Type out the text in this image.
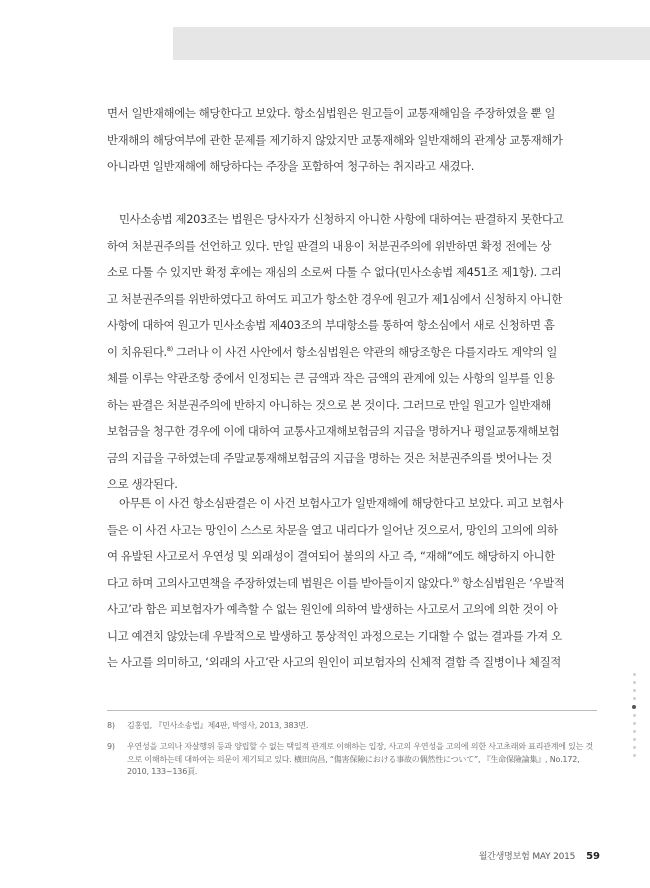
면서 일반재해에는 해당한다고 보았다. 항소심법원은 원고들이 교통재해임을 주장하였을 뿐 일
반재해의 해당여부에 관한 문제를 제기하지 않았지만 교통재해와 일반재해의 관계상 교통재해가
아니라면 일반재해에 해당하다는 주장을 포함하여 청구하는 취지라고 새겼다.
민사소송법 제203조는 법원은 당사자가 신청하지 아니한 사항에 대하여는 판결하지 못한다고
하여 처분권주의를 선언하고 있다. 만일 판결의 내용이 처분권주의에 위반하면 확정 전에는 상
소로 다툴 수 있지만 확정 후에는 재심의 소로써 다툴 수 없다(민사소송법 제451조 제1항). 그리
고 처분권주의를 위반하였다고 하여도 피고가 항소한 경우에 원고가 제1심에서 신청하지 아니한
사항에 대하여 원고가 민사소송법 제403조의 부대항소를 통하여 항소심에서 새로 신청하면 흠
이 치유된다.$^{8)}$ 그러나 이 사건 사안에서 항소심법원은 약관의 해당조항은 다를지라도 계약의 일
체를 이루는 약관조항 중에서 인정되는 큰 금액과 작은 금액의 관계에 있는 사항의 일부를 인용
하는 판결은 처분권주의에 반하지 아니하는 것으로 본 것이다. 그러므로 만일 원고가 일반재해
보험금을 청구한 경우에 이에 대하여 교통사고재해보험금의 지급을 명하거나 평일교통재해보험
금의 지급을 구하였는데 주말교통재해보험금의 지급을 명하는 것은 처분권주의를 벗어나는 것
으로 생각된다.
아무튼 이 사건 항소심판결은 이 사건 보험사고가 일반재해에 해당한다고 보았다. 피고 보험사
들은 이 사건 사고는 망인이 스스로 차문을 열고 내리다가 일어난 것으로서, 망인의 고의에 의하
여 유발된 사고로서 우연성 및 외래성이 결여되어 불의의 사고 즉, “재해”에도 해당하지 아니한
다고 하며 고의사고면책을 주장하였는데 법원은 이를 받아들이지 않았다.$^{9)}$ 항소심법원은 ‘우발적
사고’라 함은 피보험자가 예측할 수 없는 원인에 의하여 발생하는 사고로서 고의에 의한 것이 아
니고 예견치 않았는데 우발적으로 발생하고 통상적인 과정으로는 기대할 수 없는 결과를 가져 오
는 사고를 의미하고, ‘외래의 사고’란 사고의 원인이 피보험자의 신체적 결함 즉 질병이나 체질적
8) 김홍엽, 『민사소송법』제4판, 박영사, 2013, 383면.
9) 우연성을 고의나 자살행위 등과 양립할 수 없는 택일적 관계로 이해하는 입장, 사고의 우연성을 고의에 의한 사고초래와 표리관계에 있는 것
으로 이해하는데 대하여는 의문이 제기되고 있다. 橫田尙昌, “傷害保險における事故の偶然性について”, 『生命保險論集』, No.172,
2010, 133~136頁.
월간생명보험 MAY 2015 59
